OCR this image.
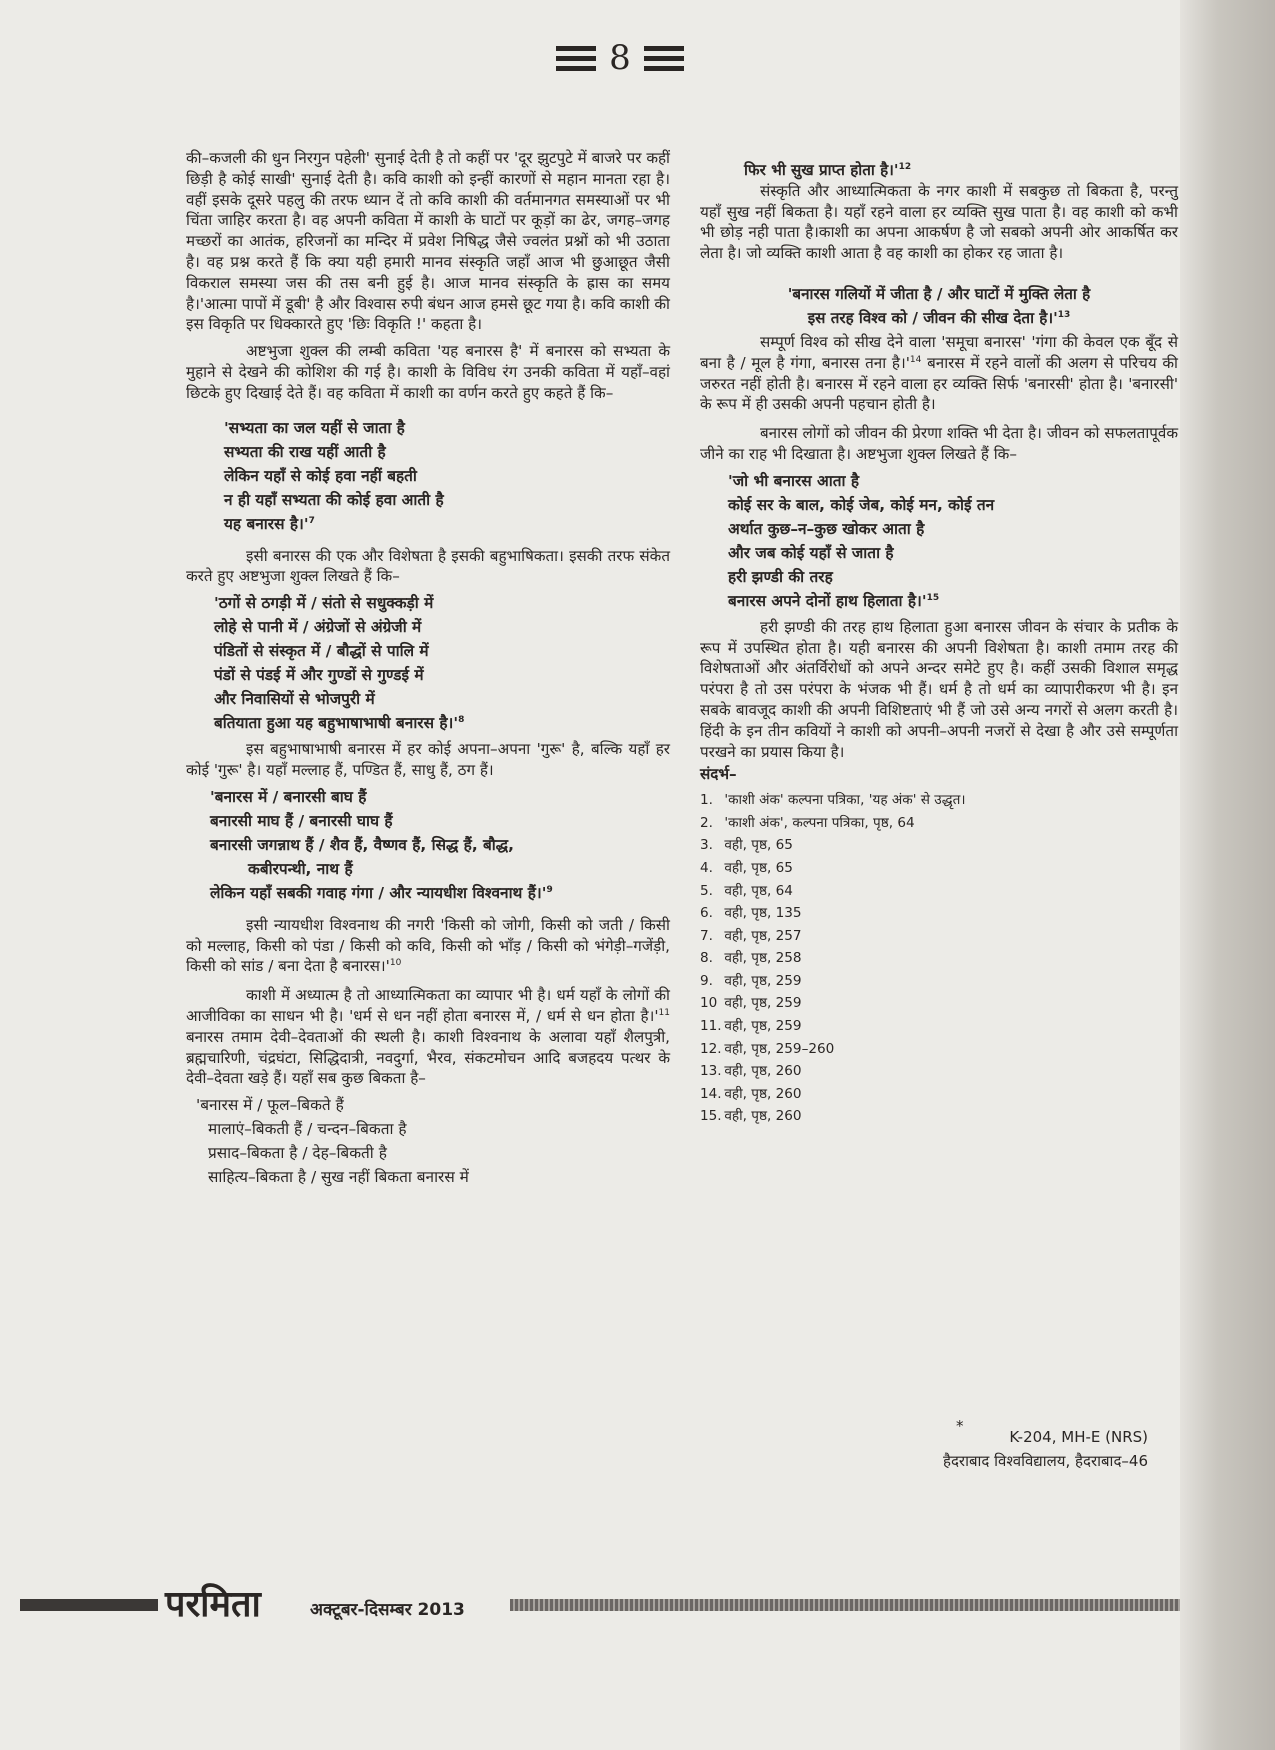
8

की–कजली की धुन निरगुन पहेली' सुनाई देती है तो कहीं पर 'दूर झुटपुटे में बाजरे पर कहीं छिड़ी है कोई साखी' सुनाई देती है। कवि काशी को इन्हीं कारणों से महान मानता रहा है।वहीं इसके दूसरे पहलु की तरफ ध्यान दें तो कवि काशी की वर्तमानगत समस्याओं पर भी चिंता जाहिर करता है। वह अपनी कविता में काशी के घाटों पर कूड़ों का ढेर, जगह–जगह मच्छरों का आतंक, हरिजनों का मन्दिर में प्रवेश निषिद्ध जैसे ज्वलंत प्रश्नों को भी उठाता है। वह प्रश्न करते हैं कि क्या यही हमारी मानव संस्कृति जहाँ आज भी छुआछूत जैसी विकराल समस्या जस की तस बनी हुई है। आज मानव संस्कृति के ह्रास का समय है।'आत्मा पापों में डूबी' है और विश्वास रुपी बंधन आज हमसे छूट गया है। कवि काशी की इस विकृति पर धिक्कारते हुए 'छिः विकृति !' कहता है।

अष्टभुजा शुक्ल की लम्बी कविता 'यह बनारस है' में बनारस को सभ्यता के मुहाने से देखने की कोशिश की गई है। काशी के विविध रंग उनकी कविता में यहाँ–वहां छिटके हुए दिखाई देते हैं। वह कविता में काशी का वर्णन करते हुए कहते हैं कि–

'सभ्यता का जल यहीं से जाता है
सभ्यता की राख यहीं आती है
लेकिन यहाँ से कोई हवा नहीं बहती
न ही यहाँ सभ्यता की कोई हवा आती है
यह बनारस $है।'^7$

इसी बनारस की एक और विशेषता है इसकी बहुभाषिकता। इसकी तरफ संकेत करते हुए अष्टभुजा शुक्ल लिखते हैं कि–

'ठगों से ठगड़ी में / संतो से सधुक्कड़ी में
लोहे से पानी में / अंग्रेजों से अंग्रेजी में
पंडितों से संस्कृत में / बौद्धों से पालि में
पंडों से पंडई में और गुण्डों से गुण्डई में
और निवासियों से भोजपुरी में
बतियाता हुआ यह बहुभाषाभाषी बनारस $है।'^8$

इस बहुभाषाभाषी बनारस में हर कोई अपना–अपना 'गुरू' है, बल्कि यहाँ हर कोई 'गुरू' है। यहाँ मल्लाह हैं, पण्डित हैं, साधु हैं, ठग हैं।

'बनारस में / बनारसी बाघ हैं
बनारसी माघ हैं / बनारसी घाघ हैं
बनारसी जगन्नाथ हैं / शैव हैं, वैष्णव हैं, सिद्ध हैं, बौद्ध,
कबीरपन्थी, नाथ हैं
लेकिन यहाँ सबकी गवाह गंगा / और न्यायधीश विश्वनाथ $हैं।'^9$

इसी न्यायधीश विश्वनाथ की नगरी 'किसी को जोगी, किसी को जती / किसी को मल्लाह, किसी को पंडा / किसी को कवि, किसी को भाँड़ / किसी को भंगेड़ी–गजेंड़ी, किसी को सांड / बना देता है $बनारस।'^{10}$

काशी में अध्यात्म है तो आध्यात्मिकता का व्यापार भी है। धर्म यहाँ के लोगों की आजीविका का साधन भी है। 'धर्म से धन नहीं होता बनारस में, / धर्म से धन होता $है।'^{11}$ बनारस तमाम देवी–देवताओं की स्थली है। काशी विश्वनाथ के अलावा यहाँ शैलपुत्री, ब्रह्मचारिणी, चंद्रघंटा, सिद्धिदात्री, नवदुर्गा, भैरव, संकटमोचन आदि बजहदय पत्थर के देवी–देवता खड़े हैं। यहाँ सब कुछ बिकता है–

'बनारस में / फूल–बिकते हैं
मालाएं–बिकती हैं / चन्दन–बिकता है
प्रसाद–बिकता है / देह–बिकती है
साहित्य–बिकता है / सुख नहीं बिकता बनारस में

फिर भी सुख प्राप्त होता $है।'^{12}$

संस्कृति और आध्यात्मिकता के नगर काशी में सबकुछ तो बिकता है, परन्तु यहाँ सुख नहीं बिकता है। यहाँ रहने वाला हर व्यक्ति सुख पाता है। वह काशी को कभी भी छोड़ नही पाता है।काशी का अपना आकर्षण है जो सबको अपनी ओर आकर्षित कर लेता है। जो व्यक्ति काशी आता है वह काशी का होकर रह जाता है।

'बनारस गलियों में जीता है / और घाटों में मुक्ति लेता है
इस तरह विश्व को / जीवन की सीख देता $है।'^{13}$

सम्पूर्ण विश्व को सीख देने वाला 'समूचा बनारस' 'गंगा की केवल एक बूँद से बना है / मूल है गंगा, बनारस तना $है।'^{14}$ बनारस में रहने वालों की अलग से परिचय की जरुरत नहीं होती है। बनारस में रहने वाला हर व्यक्ति सिर्फ 'बनारसी' होता है। 'बनारसी' के रूप में ही उसकी अपनी पहचान होती है।

बनारस लोगों को जीवन की प्रेरणा शक्ति भी देता है। जीवन को सफलतापूर्वक जीने का राह भी दिखाता है। अष्टभुजा शुक्ल लिखते हैं कि–

'जो भी बनारस आता है
कोई सर के बाल, कोई जेब, कोई मन, कोई तन
अर्थात कुछ–न–कुछ खोकर आता है
और जब कोई यहाँ से जाता है
हरी झण्डी की तरह
बनारस अपने दोनों हाथ हिलाता $है।'^{15}$

हरी झण्डी की तरह हाथ हिलाता हुआ बनारस जीवन के संचार के प्रतीक के रूप में उपस्थित होता है। यही बनारस की अपनी विशेषता है। काशी तमाम तरह की विशेषताओं और अंतर्विरोधों को अपने अन्दर समेटे हुए है। कहीं उसकी विशाल समृद्ध परंपरा है तो उस परंपरा के भंजक भी हैं। धर्म है तो धर्म का व्यापारीकरण भी है। इन सबके बावजूद काशी की अपनी विशिष्टताएं भी हैं जो उसे अन्य नगरों से अलग करती है। हिंदी के इन तीन कवियों ने काशी को अपनी–अपनी नजरों से देखा है और उसे सम्पूर्णता परखने का प्रयास किया है।

संदर्भ–
1. 'काशी अंक' कल्पना पत्रिका, 'यह अंक' से उद्धृत।
2. 'काशी अंक', कल्पना पत्रिका, पृष्ठ, 64
3. वही, पृष्ठ, 65
4. वही, पृष्ठ, 65
5. वही, पृष्ठ, 64
6. वही, पृष्ठ, 135
7. वही, पृष्ठ, 257
8. वही, पृष्ठ, 258
9. वही, पृष्ठ, 259
10 वही, पृष्ठ, 259
11. वही, पृष्ठ, 259
12. वही, पृष्ठ, 259–260
13. वही, पृष्ठ, 260
14. वही, पृष्ठ, 260
15. वही, पृष्ठ, 260
*
K-204, MH-E (NRS)
हैदराबाद विश्वविद्यालय, हैदराबाद–46
परमिता	अक्टूबर-दिसम्बर 2013
